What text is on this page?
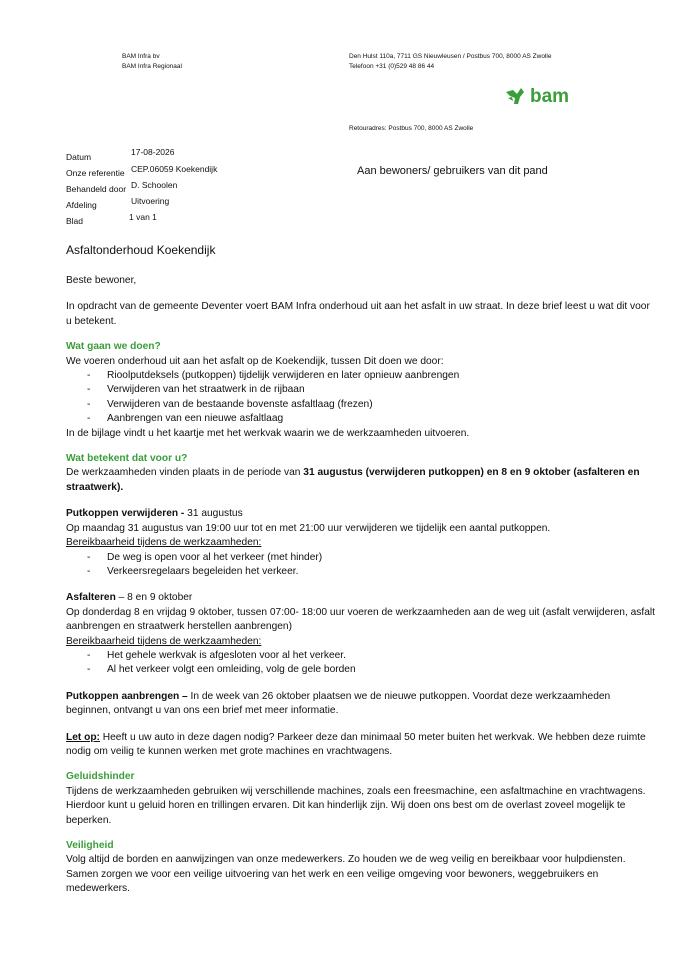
BAM Infra bv
BAM Infra Regionaal
Den Hulst 110a, 7711 GS Nieuwleusen / Postbus 700, 8000 AS Zwolle
Telefoon +31 (0)529 48 86 44
bam
Retouradres: Postbus 700, 8000 AS Zwolle
Datum
Onze referentie
Behandeld door
Afdeling
Blad
17-08-2026
CEP.06059 Koekendijk
D. Schoolen
Uitvoering
1 van 1
Aan bewoners/ gebruikers van dit pand
Asfaltonderhoud Koekendijk

Beste bewoner,

In opdracht van de gemeente Deventer voert BAM Infra onderhoud uit aan het asfalt in uw straat. In deze brief leest u wat dit voor u betekent.

Wat gaan we doen?

We voeren onderhoud uit aan het asfalt op de Koekendijk, tussen Dit doen we door:

- Rioolputdeksels (putkoppen) tijdelijk verwijderen en later opnieuw aanbrengen
- Verwijderen van het straatwerk in de rijbaan
- Verwijderen van de bestaande bovenste asfaltlaag (frezen)
- Aanbrengen van een nieuwe asfaltlaag

In de bijlage vindt u het kaartje met het werkvak waarin we de werkzaamheden uitvoeren.

Wat betekent dat voor u?

De werkzaamheden vinden plaats in de periode van 31 augustus (verwijderen putkoppen) en 8 en 9 oktober (asfalteren en straatwerk).

Putkoppen verwijderen - 31 augustus

Op maandag 31 augustus van 19:00 uur tot en met 21:00 uur verwijderen we tijdelijk een aantal putkoppen.

Bereikbaarheid tijdens de werkzaamheden:

- De weg is open voor al het verkeer (met hinder)
- Verkeersregelaars begeleiden het verkeer.

Asfalteren – 8 en 9 oktober

Op donderdag 8 en vrijdag 9 oktober, tussen 07:00- 18:00 uur voeren de werkzaamheden aan de weg uit (asfalt verwijderen, asfalt aanbrengen en straatwerk herstellen aanbrengen)

Bereikbaarheid tijdens de werkzaamheden:

- Het gehele werkvak is afgesloten voor al het verkeer.
- Al het verkeer volgt een omleiding, volg de gele borden

Putkoppen aanbrengen – In de week van 26 oktober plaatsen we de nieuwe putkoppen. Voordat deze werkzaamheden beginnen, ontvangt u van ons een brief met meer informatie.

Let op: Heeft u uw auto in deze dagen nodig? Parkeer deze dan minimaal 50 meter buiten het werkvak. We hebben deze ruimte nodig om veilig te kunnen werken met grote machines en vrachtwagens.

Geluidshinder

Tijdens de werkzaamheden gebruiken wij verschillende machines, zoals een freesmachine, een asfaltmachine en vrachtwagens. Hierdoor kunt u geluid horen en trillingen ervaren. Dit kan hinderlijk zijn. Wij doen ons best om de overlast zoveel mogelijk te beperken.

Veiligheid

Volg altijd de borden en aanwijzingen van onze medewerkers. Zo houden we de weg veilig en bereikbaar voor hulpdiensten. Samen zorgen we voor een veilige uitvoering van het werk en een veilige omgeving voor bewoners, weggebruikers en medewerkers.
